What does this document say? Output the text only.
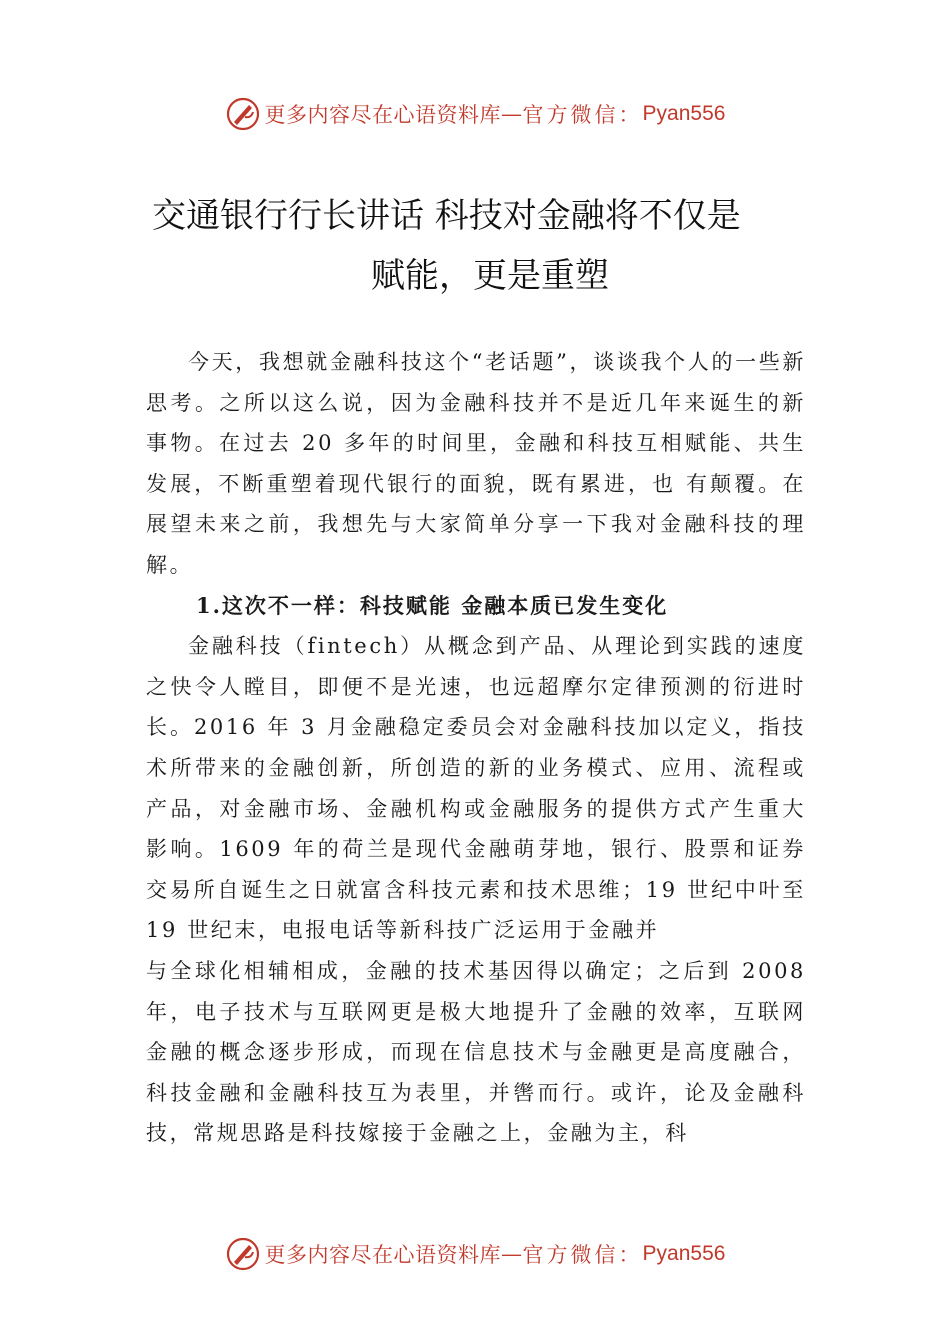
更多内容尽在心语资料库 — 官方微信： Pyan556
交通银行行长讲话 科技对金融将不仅是
赋能，更是重塑

今天，我想就金融科技这个“老话题”，谈谈我个人的一些新思考。之所以这么说，因为金融科技并不是近几年来诞生的新事物。在过去 20 多年的时间里，金融和科技互相赋能、共生发展，不断重塑着现代银行的面貌，既有累进，也 有颠覆。在展望未来之前，我想先与大家简单分享一下我对金融科技的理解。

1.这次不一样：科技赋能 金融本质已发生变化

金融科技（fintech）从概念到产品、从理论到实践的速度之快令人瞠目，即便不是光速，也远超摩尔定律预测的衍进时长。2016 年 3 月金融稳定委员会对金融科技加以定义，指技术所带来的金融创新，所创造的新的业务模式、应用、流程或产品，对金融市场、金融机构或金融服务的提供方式产生重大影响。1609 年的荷兰是现代金融萌芽地，银行、股票和证券交易所自诞生之日就富含科技元素和技术思维；19 世纪中叶至 19 世纪末，电报电话等新科技广泛运用于金融并

与全球化相辅相成，金融的技术基因得以确定；之后到 2008 年，电子技术与互联网更是极大地提升了金融的效率，互联网金融的概念逐步形成，而现在信息技术与金融更是高度融合，科技金融和金融科技互为表里，并辔而行。或许，论及金融科技，常规思路是科技嫁接于金融之上，金融为主，科

更多内容尽在心语资料库 — 官方微信： Pyan556
